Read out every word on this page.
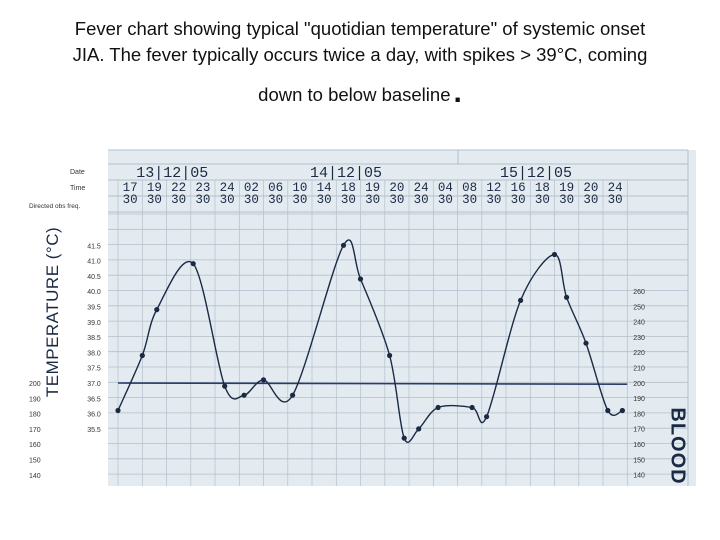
Fever chart showing typical "quotidian temperature" of systemic onset
JIA. The fever typically occurs twice a day, with spikes > 39°C, coming
down to below baseline .
Date
Time
Directed obs freq.
13|12|05	14|12|05	15|12|05
17
30
19
30
22
30
23
30
24
30
02
30
06
30
10
30
14
30
18
30
19
30
20
30
24
30
04
30
08
30
12
30
16
30
18
30
19
30
20
30
24
30
41.5
41.0
40.5
40.0
39.5
39.0
38.5
38.0
37.5
37.0
36.5
36.0
35.5
200
190
180
170
160
150
140
260
250
240
230
220
210
200
190
180
170
160
150
140
TEMPERATURE (°C)
BLOOD
